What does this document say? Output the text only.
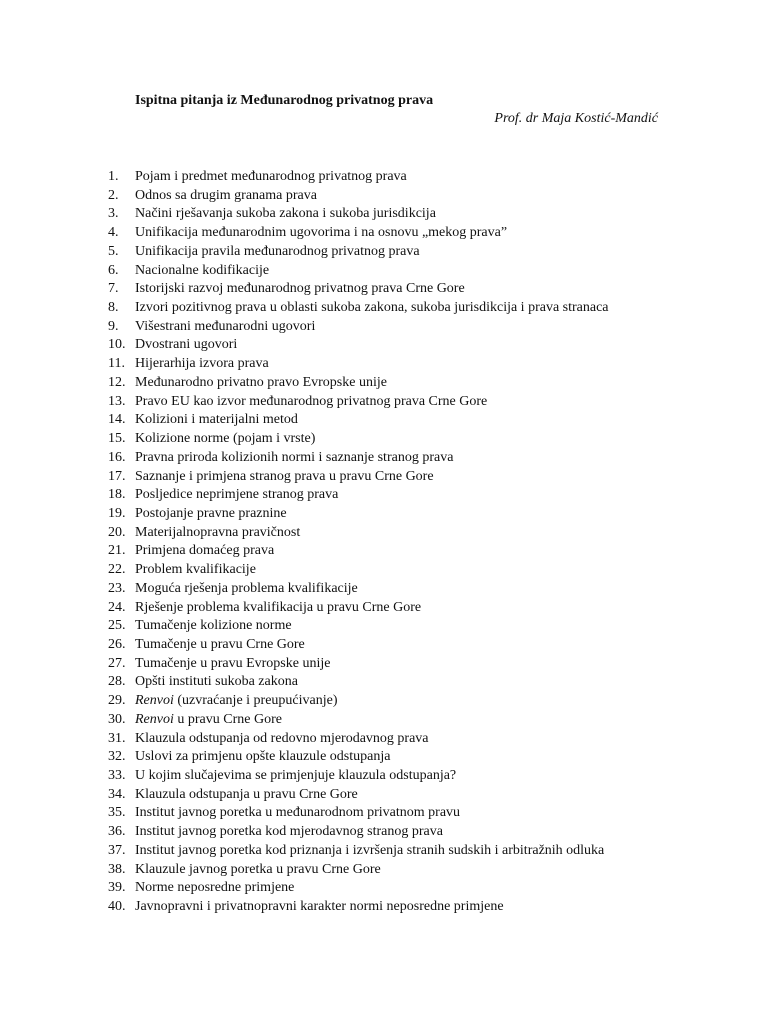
Ispitna pitanja iz Međunarodnog privatnog prava
Prof. dr Maja Kostić-Mandić
1.	Pojam i predmet međunarodnog privatnog prava
2.	Odnos sa drugim granama prava
3.	Načini rješavanja sukoba zakona i sukoba jurisdikcija
4.	Unifikacija međunarodnim ugovorima i na osnovu „mekog prava”
5.	Unifikacija pravila međunarodnog privatnog prava
6.	Nacionalne kodifikacije
7.	Istorijski razvoj međunarodnog privatnog prava Crne Gore
8.	Izvori pozitivnog prava u oblasti sukoba zakona, sukoba jurisdikcija i prava stranaca
9.	Višestrani međunarodni ugovori
10. Dvostrani ugovori
11. Hijerarhija izvora prava
12. Međunarodno privatno pravo Evropske unije
13. Pravo EU kao izvor međunarodnog privatnog prava Crne Gore
14. Kolizioni i materijalni metod
15. Kolizione norme (pojam i vrste)
16. Pravna priroda kolizionih normi i saznanje stranog prava
17. Saznanje i primjena stranog prava u pravu Crne Gore
18. Posljedice neprimjene stranog prava
19. Postojanje pravne praznine
20. Materijalnopravna pravičnost
21. Primjena domaćeg prava
22. Problem kvalifikacije
23. Moguća rješenja problema kvalifikacije
24. Rješenje problema kvalifikacija u pravu Crne Gore
25. Tumačenje kolizione norme
26. Tumačenje u pravu Crne Gore
27. Tumačenje u pravu Evropske unije
28. Opšti instituti sukoba zakona
29. Renvoi (uzvraćanje i preupućivanje)
30. Renvoi u pravu Crne Gore
31. Klauzula odstupanja od redovno mjerodavnog prava
32. Uslovi za primjenu opšte klauzule odstupanja
33. U kojim slučajevima se primjenjuje klauzula odstupanja?
34. Klauzula odstupanja u pravu Crne Gore
35. Institut javnog poretka u međunarodnom privatnom pravu
36. Institut javnog poretka kod mjerodavnog stranog prava
37. Institut javnog poretka kod priznanja i izvršenja stranih sudskih i arbitražnih odluka
38. Klauzule javnog poretka u pravu Crne Gore
39. Norme neposredne primjene
40. Javnopravni i privatnopravni karakter normi neposredne primjene
